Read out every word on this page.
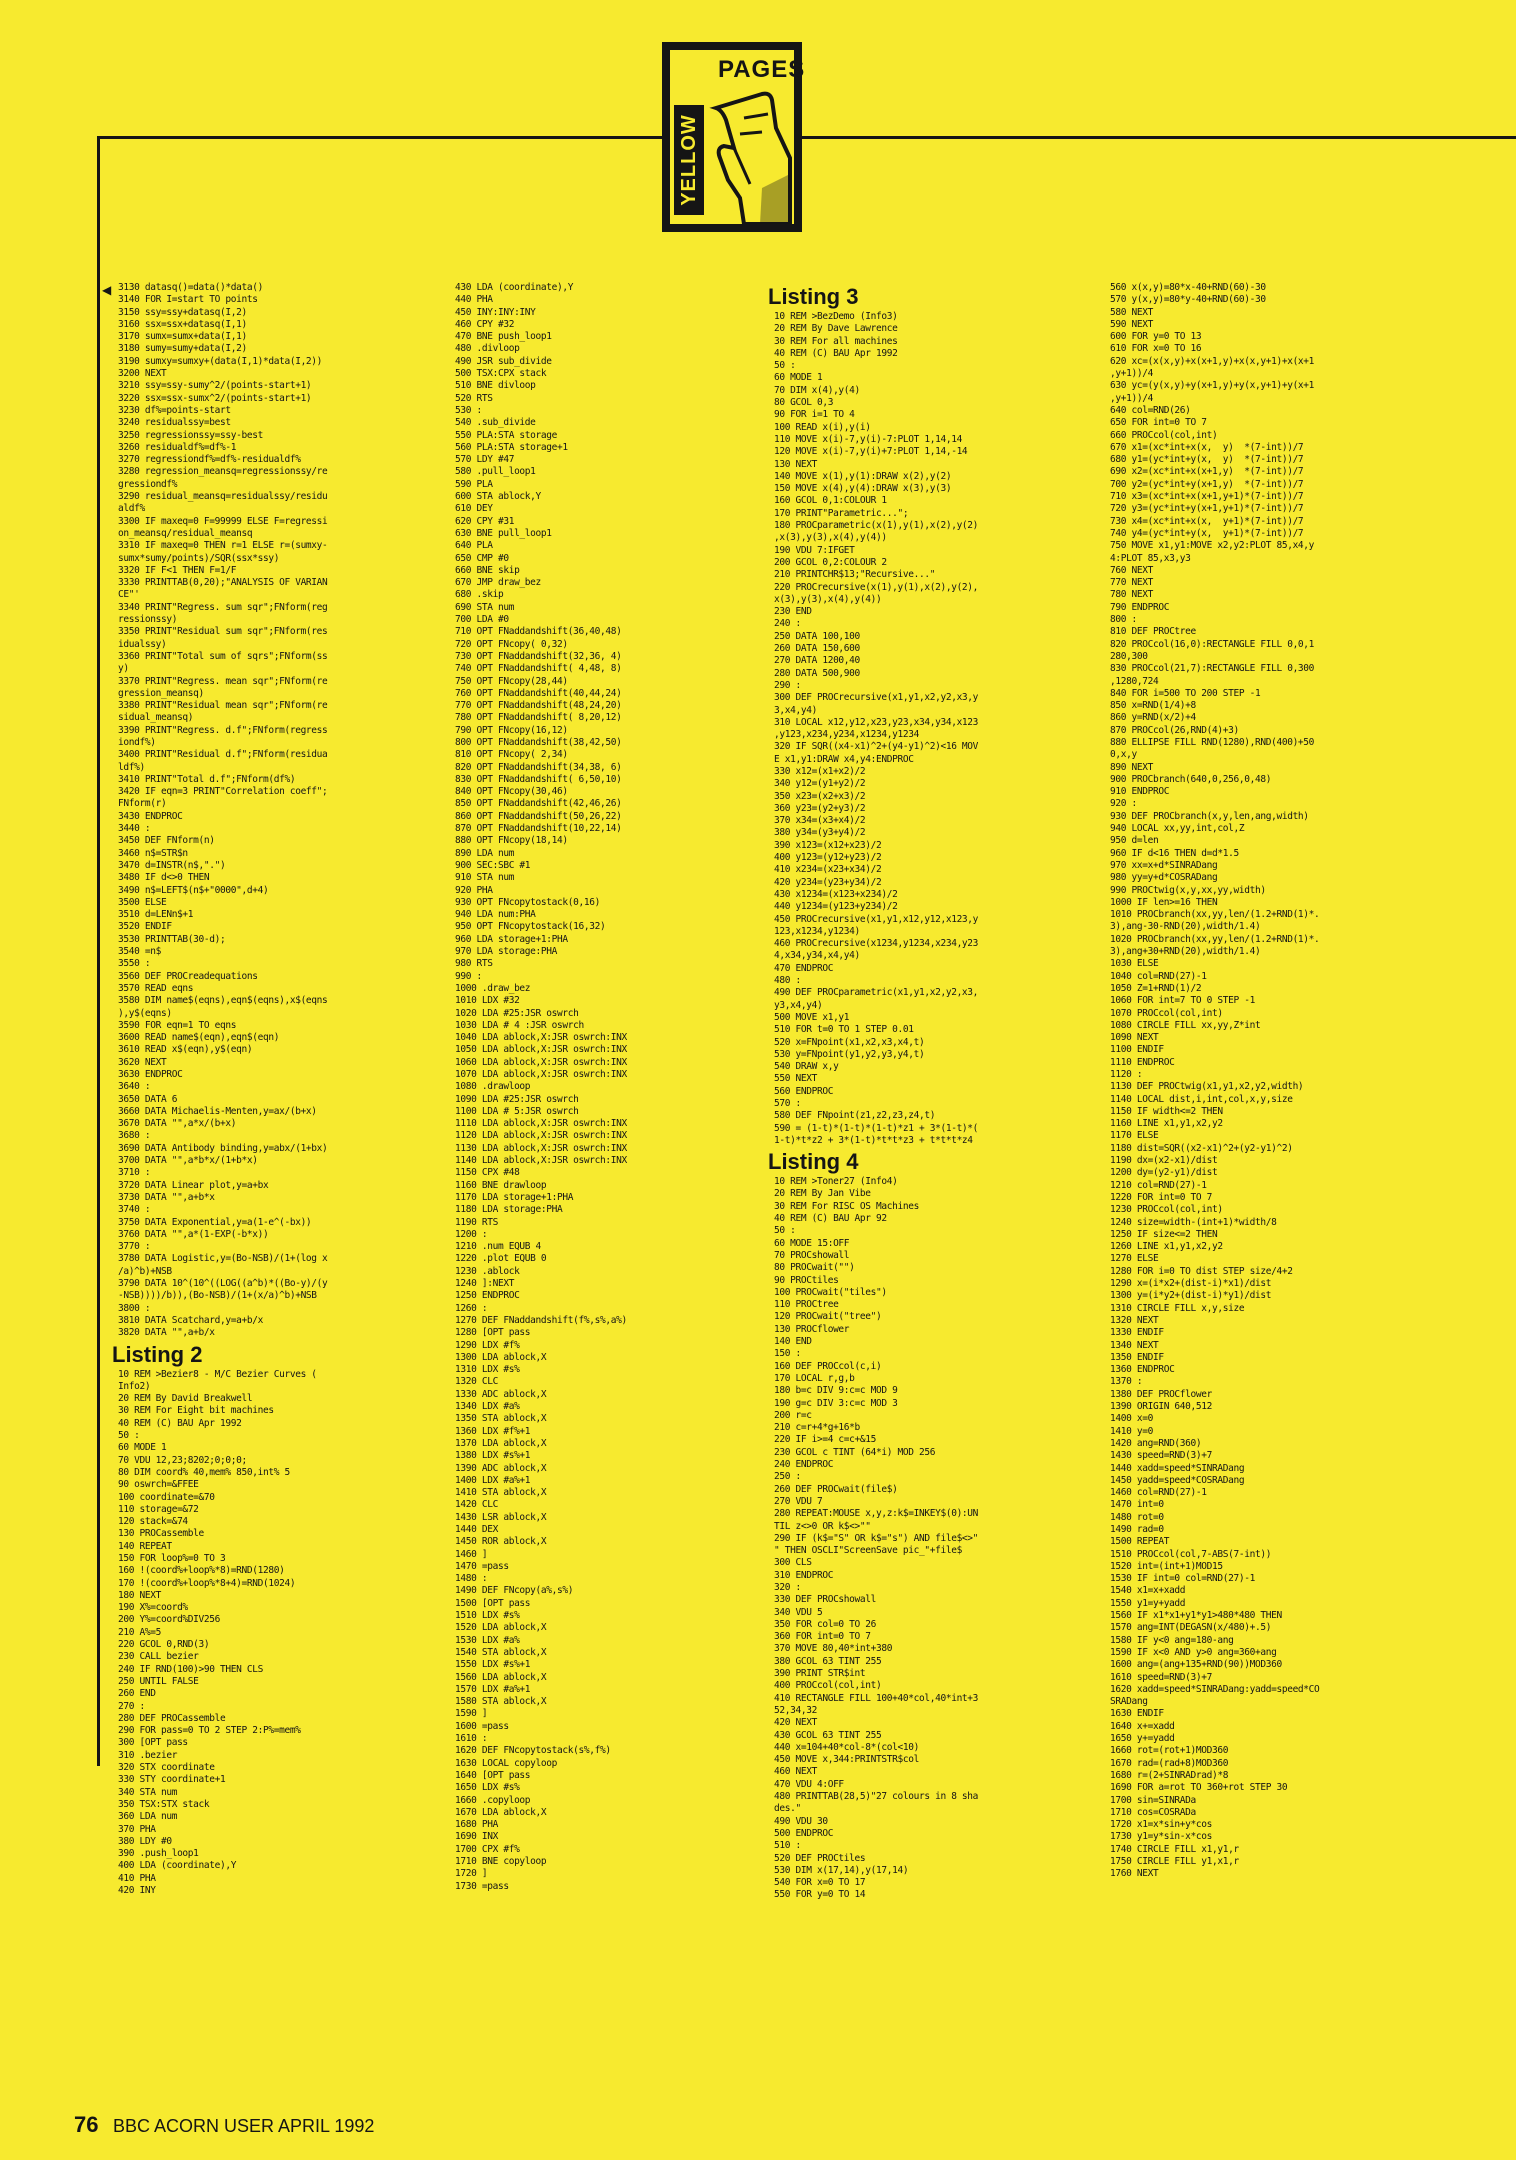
PAGES
YELLOW
◀ 3130 datasq()=data()*data()
3140 FOR I=start TO points
3150 ssy=ssy+datasq(I,2)
3160 ssx=ssx+datasq(I,1)
3170 sumx=sumx+data(I,1)
3180 sumy=sumy+data(I,2)
3190 sumxy=sumxy+(data(I,1)*data(I,2))
3200 NEXT
3210 ssy=ssy-sumy^2/(points-start+1)
3220 ssx=ssx-sumx^2/(points-start+1)
3230 df%=points-start
3240 residualssy=best
3250 regressionssy=ssy-best
3260 residualdf%=df%-1
3270 regressiondf%=df%-residualdf%
3280 regression_meansq=regressionssy/re
gressiondf%
3290 residual_meansq=residualssy/residu
aldf%
3300 IF maxeq=0 F=99999 ELSE F=regressi
on_meansq/residual_meansq
3310 IF maxeq=0 THEN r=1 ELSE r=(sumxy-
sumx*sumy/points)/SQR(ssx*ssy)
3320 IF F<1 THEN F=1/F
3330 PRINTTAB(0,20);"ANALYSIS OF VARIAN
CE"'
3340 PRINT"Regress. sum sqr";FNform(reg
ressionssy)
3350 PRINT"Residual sum sqr";FNform(res
idualssy)
3360 PRINT"Total sum of sqrs";FNform(ss
y)
3370 PRINT"Regress. mean sqr";FNform(re
gression_meansq)
3380 PRINT"Residual mean sqr";FNform(re
sidual_meansq)
3390 PRINT"Regress. d.f";FNform(regress
iondf%)
3400 PRINT"Residual d.f";FNform(residua
ldf%)
3410 PRINT"Total d.f";FNform(df%)
3420 IF eqn=3 PRINT"Correlation coeff";
FNform(r)
3430 ENDPROC
3440 :
3450 DEF FNform(n)
3460 n$=STR$n
3470 d=INSTR(n$,".")
3480 IF d<>0 THEN
3490 n$=LEFT$(n$+"0000",d+4)
3500 ELSE
3510 d=LENn$+1
3520 ENDIF
3530 PRINTTAB(30-d);
3540 =n$
3550 :
3560 DEF PROCreadequations
3570 READ eqns
3580 DIM name$(eqns),eqn$(eqns),x$(eqns
),y$(eqns)
3590 FOR eqn=1 TO eqns
3600 READ name$(eqn),eqn$(eqn)
3610 READ x$(eqn),y$(eqn)
3620 NEXT
3630 ENDPROC
3640 :
3650 DATA 6
3660 DATA Michaelis-Menten,y=ax/(b+x)
3670 DATA "",a*x/(b+x)
3680 :
3690 DATA Antibody binding,y=abx/(1+bx)
3700 DATA "",a*b*x/(1+b*x)
3710 :
3720 DATA Linear plot,y=a+bx
3730 DATA "",a+b*x
3740 :
3750 DATA Exponential,y=a(1-e^(-bx))
3760 DATA "",a*(1-EXP(-b*x))
3770 :
3780 DATA Logistic,y=(Bo-NSB)/(1+(log x
/a)^b)+NSB
3790 DATA 10^(10^((LOG((a^b)*((Bo-y)/(y
-NSB))))/b)),(Bo-NSB)/(1+(x/a)^b)+NSB
3800 :
3810 DATA Scatchard,y=a+b/x
3820 DATA "",a+b/x
Listing 2
10 REM >Bezier8 - M/C Bezier Curves (
Info2)
20 REM By David Breakwell
30 REM For Eight bit machines
40 REM (C) BAU Apr 1992
50 :
60 MODE 1
70 VDU 12,23;8202;0;0;0;
80 DIM coord% 40,mem% 850,int% 5
90 oswrch=&FFEE
100 coordinate=&70
110 storage=&72
120 stack=&74
130 PROCassemble
140 REPEAT
150 FOR loop%=0 TO 3
160 !(coord%+loop%*8)=RND(1280)
170 !(coord%+loop%*8+4)=RND(1024)
180 NEXT
190 X%=coord%
200 Y%=coord%DIV256
210 A%=5
220 GCOL 0,RND(3)
230 CALL bezier
240 IF RND(100)>90 THEN CLS
250 UNTIL FALSE
260 END
270 :
280 DEF PROCassemble
290 FOR pass=0 TO 2 STEP 2:P%=mem%
300 [OPT pass
310 .bezier
320 STX coordinate
330 STY coordinate+1
340 STA num
350 TSX:STX stack
360 LDA num
370 PHA
380 LDY #0
390 .push_loop1
400 LDA (coordinate),Y
410 PHA
420 INY
430 LDA (coordinate),Y
440 PHA
450 INY:INY:INY
460 CPY #32
470 BNE push_loop1
480 .divloop
490 JSR sub_divide
500 TSX:CPX stack
510 BNE divloop
520 RTS
530 :
540 .sub_divide
550 PLA:STA storage
560 PLA:STA storage+1
570 LDY #47
580 .pull_loop1
590 PLA
600 STA ablock,Y
610 DEY
620 CPY #31
630 BNE pull_loop1
640 PLA
650 CMP #0
660 BNE skip
670 JMP draw_bez
680 .skip
690 STA num
700 LDA #0
710 OPT FNaddandshift(36,40,48)
720 OPT FNcopy( 0,32)
730 OPT FNaddandshift(32,36, 4)
740 OPT FNaddandshift( 4,48, 8)
750 OPT FNcopy(28,44)
760 OPT FNaddandshift(40,44,24)
770 OPT FNaddandshift(48,24,20)
780 OPT FNaddandshift( 8,20,12)
790 OPT FNcopy(16,12)
800 OPT FNaddandshift(38,42,50)
810 OPT FNcopy( 2,34)
820 OPT FNaddandshift(34,38, 6)
830 OPT FNaddandshift( 6,50,10)
840 OPT FNcopy(30,46)
850 OPT FNaddandshift(42,46,26)
860 OPT FNaddandshift(50,26,22)
870 OPT FNaddandshift(10,22,14)
880 OPT FNcopy(18,14)
890 LDA num
900 SEC:SBC #1
910 STA num
920 PHA
930 OPT FNcopytostack(0,16)
940 LDA num:PHA
950 OPT FNcopytostack(16,32)
960 LDA storage+1:PHA
970 LDA storage:PHA
980 RTS
990 :
1000 .draw_bez
1010 LDX #32
1020 LDA #25:JSR oswrch
1030 LDA # 4 :JSR oswrch
1040 LDA ablock,X:JSR oswrch:INX
1050 LDA ablock,X:JSR oswrch:INX
1060 LDA ablock,X:JSR oswrch:INX
1070 LDA ablock,X:JSR oswrch:INX
1080 .drawloop
1090 LDA #25:JSR oswrch
1100 LDA # 5:JSR oswrch
1110 LDA ablock,X:JSR oswrch:INX
1120 LDA ablock,X:JSR oswrch:INX
1130 LDA ablock,X:JSR oswrch:INX
1140 LDA ablock,X:JSR oswrch:INX
1150 CPX #48
1160 BNE drawloop
1170 LDA storage+1:PHA
1180 LDA storage:PHA
1190 RTS
1200 :
1210 .num EQUB 4
1220 .plot EQUB 0
1230 .ablock
1240 ]:NEXT
1250 ENDPROC
1260 :
1270 DEF FNaddandshift(f%,s%,a%)
1280 [OPT pass
1290 LDX #f%
1300 LDA ablock,X
1310 LDX #s%
1320 CLC
1330 ADC ablock,X
1340 LDX #a%
1350 STA ablock,X
1360 LDX #f%+1
1370 LDA ablock,X
1380 LDX #s%+1
1390 ADC ablock,X
1400 LDX #a%+1
1410 STA ablock,X
1420 CLC
1430 LSR ablock,X
1440 DEX
1450 ROR ablock,X
1460 ]
1470 =pass
1480 :
1490 DEF FNcopy(a%,s%)
1500 [OPT pass
1510 LDX #s%
1520 LDA ablock,X
1530 LDX #a%
1540 STA ablock,X
1550 LDX #s%+1
1560 LDA ablock,X
1570 LDX #a%+1
1580 STA ablock,X
1590 ]
1600 =pass
1610 :
1620 DEF FNcopytostack(s%,f%)
1630 LOCAL copyloop
1640 [OPT pass
1650 LDX #s%
1660 .copyloop
1670 LDA ablock,X
1680 PHA
1690 INX
1700 CPX #f%
1710 BNE copyloop
1720 ]
1730 =pass
Listing 3
10 REM >BezDemo (Info3)
20 REM By Dave Lawrence
30 REM For all machines
40 REM (C) BAU Apr 1992
50 :
60 MODE 1
70 DIM x(4),y(4)
80 GCOL 0,3
90 FOR i=1 TO 4
100 READ x(i),y(i)
110 MOVE x(i)-7,y(i)-7:PLOT 1,14,14
120 MOVE x(i)-7,y(i)+7:PLOT 1,14,-14
130 NEXT
140 MOVE x(1),y(1):DRAW x(2),y(2)
150 MOVE x(4),y(4):DRAW x(3),y(3)
160 GCOL 0,1:COLOUR 1
170 PRINT"Parametric...";
180 PROCparametric(x(1),y(1),x(2),y(2)
,x(3),y(3),x(4),y(4))
190 VDU 7:IFGET
200 GCOL 0,2:COLOUR 2
210 PRINTCHR$13;"Recursive..."
220 PROCrecursive(x(1),y(1),x(2),y(2),
x(3),y(3),x(4),y(4))
230 END
240 :
250 DATA 100,100
260 DATA 150,600
270 DATA 1200,40
280 DATA 500,900
290 :
300 DEF PROCrecursive(x1,y1,x2,y2,x3,y
3,x4,y4)
310 LOCAL x12,y12,x23,y23,x34,y34,x123
,y123,x234,y234,x1234,y1234
320 IF SQR((x4-x1)^2+(y4-y1)^2)<16 MOV
E x1,y1:DRAW x4,y4:ENDPROC
330 x12=(x1+x2)/2
340 y12=(y1+y2)/2
350 x23=(x2+x3)/2
360 y23=(y2+y3)/2
370 x34=(x3+x4)/2
380 y34=(y3+y4)/2
390 x123=(x12+x23)/2
400 y123=(y12+y23)/2
410 x234=(x23+x34)/2
420 y234=(y23+y34)/2
430 x1234=(x123+x234)/2
440 y1234=(y123+y234)/2
450 PROCrecursive(x1,y1,x12,y12,x123,y
123,x1234,y1234)
460 PROCrecursive(x1234,y1234,x234,y23
4,x34,y34,x4,y4)
470 ENDPROC
480 :
490 DEF PROCparametric(x1,y1,x2,y2,x3,
y3,x4,y4)
500 MOVE x1,y1
510 FOR t=0 TO 1 STEP 0.01
520 x=FNpoint(x1,x2,x3,x4,t)
530 y=FNpoint(y1,y2,y3,y4,t)
540 DRAW x,y
550 NEXT
560 ENDPROC
570 :
580 DEF FNpoint(z1,z2,z3,z4,t)
590 = (1-t)*(1-t)*(1-t)*z1 + 3*(1-t)*(
1-t)*t*z2 + 3*(1-t)*t*t*z3 + t*t*t*z4
Listing 4
10 REM >Toner27 (Info4)
20 REM By Jan Vibe
30 REM For RISC OS Machines
40 REM (C) BAU Apr 92
50 :
60 MODE 15:OFF
70 PROCshowall
80 PROCwait("")
90 PROCtiles
100 PROCwait("tiles")
110 PROCtree
120 PROCwait("tree")
130 PROCflower
140 END
150 :
160 DEF PROCcol(c,i)
170 LOCAL r,g,b
180 b=c DIV 9:c=c MOD 9
190 g=c DIV 3:c=c MOD 3
200 r=c
210 c=r+4*g+16*b
220 IF i>=4 c=c+&15
230 GCOL c TINT (64*i) MOD 256
240 ENDPROC
250 :
260 DEF PROCwait(file$)
270 VDU 7
280 REPEAT:MOUSE x,y,z:k$=INKEY$(0):UN
TIL z<>0 OR k$<>""
290 IF (k$="S" OR k$="s") AND file$<>"
" THEN OSCLI"ScreenSave pic_"+file$
300 CLS
310 ENDPROC
320 :
330 DEF PROCshowall
340 VDU 5
350 FOR col=0 TO 26
360 FOR int=0 TO 7
370 MOVE 80,40*int+380
380 GCOL 63 TINT 255
390 PRINT STR$int
400 PROCcol(col,int)
410 RECTANGLE FILL 100+40*col,40*int+3
52,34,32
420 NEXT
430 GCOL 63 TINT 255
440 x=104+40*col-8*(col<10)
450 MOVE x,344:PRINTSTR$col
460 NEXT
470 VDU 4:OFF
480 PRINTTAB(28,5)"27 colours in 8 sha
des."
490 VDU 30
500 ENDPROC
510 :
520 DEF PROCtiles
530 DIM x(17,14),y(17,14)
540 FOR x=0 TO 17
550 FOR y=0 TO 14
560 x(x,y)=80*x-40+RND(60)-30
570 y(x,y)=80*y-40+RND(60)-30
580 NEXT
590 NEXT
600 FOR y=0 TO 13
610 FOR x=0 TO 16
620 xc=(x(x,y)+x(x+1,y)+x(x,y+1)+x(x+1
,y+1))/4
630 yc=(y(x,y)+y(x+1,y)+y(x,y+1)+y(x+1
,y+1))/4
640 col=RND(26)
650 FOR int=0 TO 7
660 PROCcol(col,int)
670 x1=(xc*int+x(x,  y)  *(7-int))/7
680 y1=(yc*int+y(x,  y)  *(7-int))/7
690 x2=(xc*int+x(x+1,y)  *(7-int))/7
700 y2=(yc*int+y(x+1,y)  *(7-int))/7
710 x3=(xc*int+x(x+1,y+1)*(7-int))/7
720 y3=(yc*int+y(x+1,y+1)*(7-int))/7
730 x4=(xc*int+x(x,  y+1)*(7-int))/7
740 y4=(yc*int+y(x,  y+1)*(7-int))/7
750 MOVE x1,y1:MOVE x2,y2:PLOT 85,x4,y
4:PLOT 85,x3,y3
760 NEXT
770 NEXT
780 NEXT
790 ENDPROC
800 :
810 DEF PROCtree
820 PROCcol(16,0):RECTANGLE FILL 0,0,1
280,300
830 PROCcol(21,7):RECTANGLE FILL 0,300
,1280,724
840 FOR i=500 TO 200 STEP -1
850 x=RND(1/4)+8
860 y=RND(x/2)+4
870 PROCcol(26,RND(4)+3)
880 ELLIPSE FILL RND(1280),RND(400)+50
0,x,y
890 NEXT
900 PROCbranch(640,0,256,0,48)
910 ENDPROC
920 :
930 DEF PROCbranch(x,y,len,ang,width)
940 LOCAL xx,yy,int,col,Z
950 d=len
960 IF d<16 THEN d=d*1.5
970 xx=x+d*SINRADang
980 yy=y+d*COSRADang
990 PROCtwig(x,y,xx,yy,width)
1000 IF len>=16 THEN
1010 PROCbranch(xx,yy,len/(1.2+RND(1)*.
3),ang-30-RND(20),width/1.4)
1020 PROCbranch(xx,yy,len/(1.2+RND(1)*.
3),ang+30+RND(20),width/1.4)
1030 ELSE
1040 col=RND(27)-1
1050 Z=1+RND(1)/2
1060 FOR int=7 TO 0 STEP -1
1070 PROCcol(col,int)
1080 CIRCLE FILL xx,yy,Z*int
1090 NEXT
1100 ENDIF
1110 ENDPROC
1120 :
1130 DEF PROCtwig(x1,y1,x2,y2,width)
1140 LOCAL dist,i,int,col,x,y,size
1150 IF width<=2 THEN
1160 LINE x1,y1,x2,y2
1170 ELSE
1180 dist=SQR((x2-x1)^2+(y2-y1)^2)
1190 dx=(x2-x1)/dist
1200 dy=(y2-y1)/dist
1210 col=RND(27)-1
1220 FOR int=0 TO 7
1230 PROCcol(col,int)
1240 size=width-(int+1)*width/8
1250 IF size<=2 THEN
1260 LINE x1,y1,x2,y2
1270 ELSE
1280 FOR i=0 TO dist STEP size/4+2
1290 x=(i*x2+(dist-i)*x1)/dist
1300 y=(i*y2+(dist-i)*y1)/dist
1310 CIRCLE FILL x,y,size
1320 NEXT
1330 ENDIF
1340 NEXT
1350 ENDIF
1360 ENDPROC
1370 :
1380 DEF PROCflower
1390 ORIGIN 640,512
1400 x=0
1410 y=0
1420 ang=RND(360)
1430 speed=RND(3)+7
1440 xadd=speed*SINRADang
1450 yadd=speed*COSRADang
1460 col=RND(27)-1
1470 int=0
1480 rot=0
1490 rad=0
1500 REPEAT
1510 PROCcol(col,7-ABS(7-int))
1520 int=(int+1)MOD15
1530 IF int=0 col=RND(27)-1
1540 x1=x+xadd
1550 y1=y+yadd
1560 IF x1*x1+y1*y1>480*480 THEN
1570 ang=INT(DEGASN(x/480)+.5)
1580 IF y<0 ang=180-ang
1590 IF x<0 AND y>0 ang=360+ang
1600 ang=(ang+135+RND(90))MOD360
1610 speed=RND(3)+7
1620 xadd=speed*SINRADang:yadd=speed*CO
SRADang
1630 ENDIF
1640 x+=xadd
1650 y+=yadd
1660 rot=(rot+1)MOD360
1670 rad=(rad+8)MOD360
1680 r=(2+SINRADrad)*8
1690 FOR a=rot TO 360+rot STEP 30
1700 sin=SINRADa
1710 cos=COSRADa
1720 x1=x*sin+y*cos
1730 y1=y*sin-x*cos
1740 CIRCLE FILL x1,y1,r
1750 CIRCLE FILL y1,x1,r
1760 NEXT
76 BBC ACORN USER APRIL 1992
